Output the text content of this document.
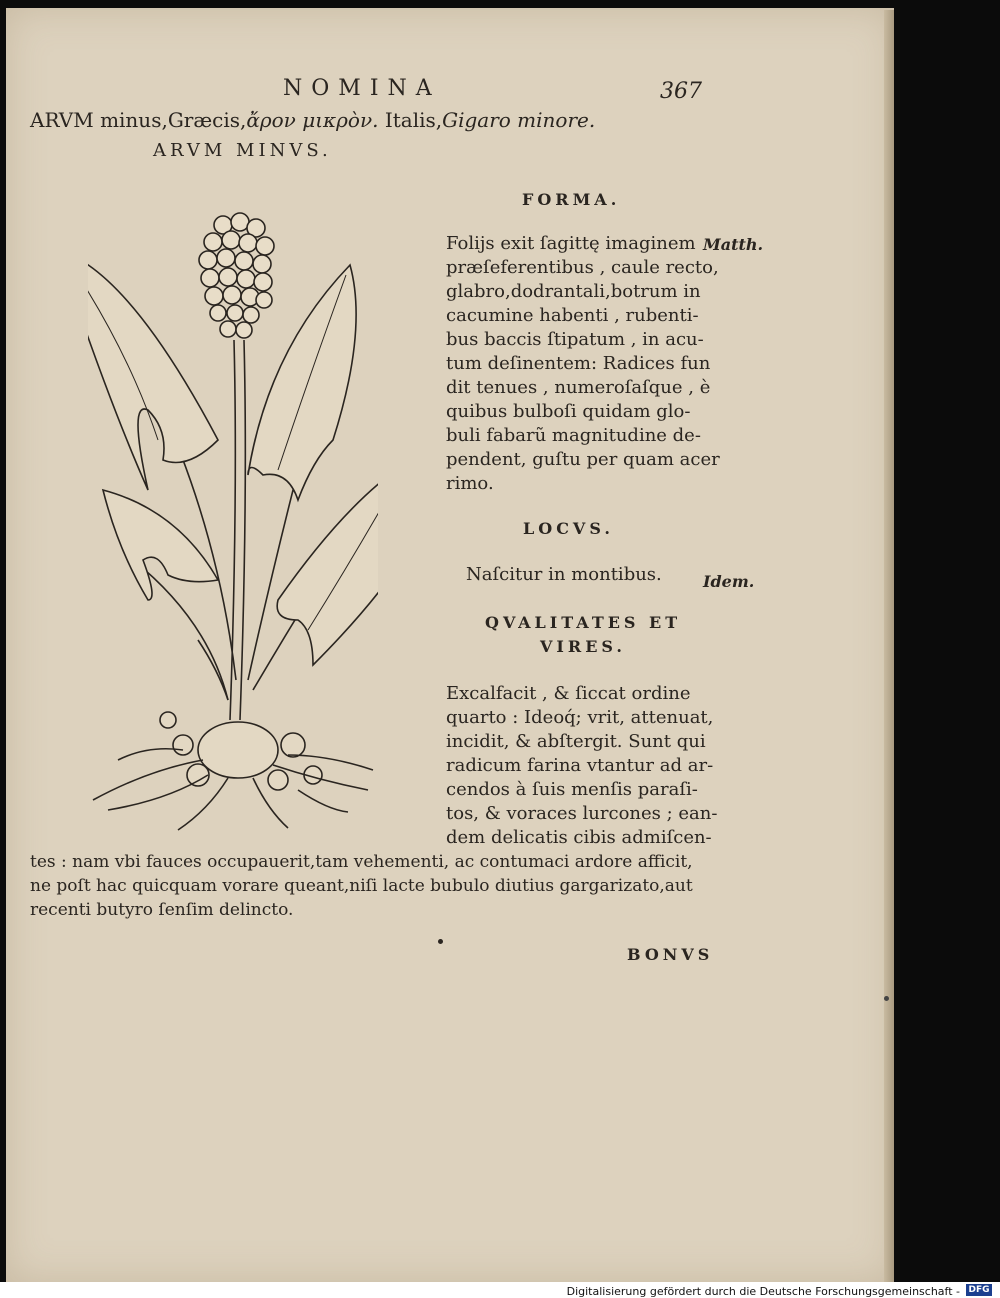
NOMINA	367
ARVM minus,Græcis,ἄρον μικρὸν. Italis,Gigaro minore.
ARVM MINVS.
FORMA.
Folijs exit ſagittę imaginem
præſeferentibus , caule recto,
glabro,dodrantali,botrum in
cacumine habenti , rubenti-
bus baccis ſtipatum , in acu-
tum deſinentem: Radices fun
dit tenues , numeroſaſque , è
quibus bulboſi quidam glo-
buli fabarũ magnitudine de-
pendent, guſtu per quam acer
rimo.
Matth.
LOCVS.
Naſcitur in montibus.	Idem.
QVALITATES ET
VIRES.
Excalfacit , & ſiccat ordine
quarto : Ideoq́; vrit, attenuat,
incidit, & abſtergit. Sunt qui
radicum farina vtantur ad ar-
cendos à ſuis menſis paraſi-
tos, & voraces lurcones ; ean-
dem delicatis cibis admiſcen-
tes : nam vbi fauces occupauerit,tam vehementi, ac contumaci ardore afficit,
ne poſt hac quicquam vorare queant,niſi lacte bubulo diutius gargarizato,aut
recenti butyro ſenſim delincto.
BONVS
Digitalisierung gefördert durch die Deutsche Forschungsgemeinschaft - DFG
